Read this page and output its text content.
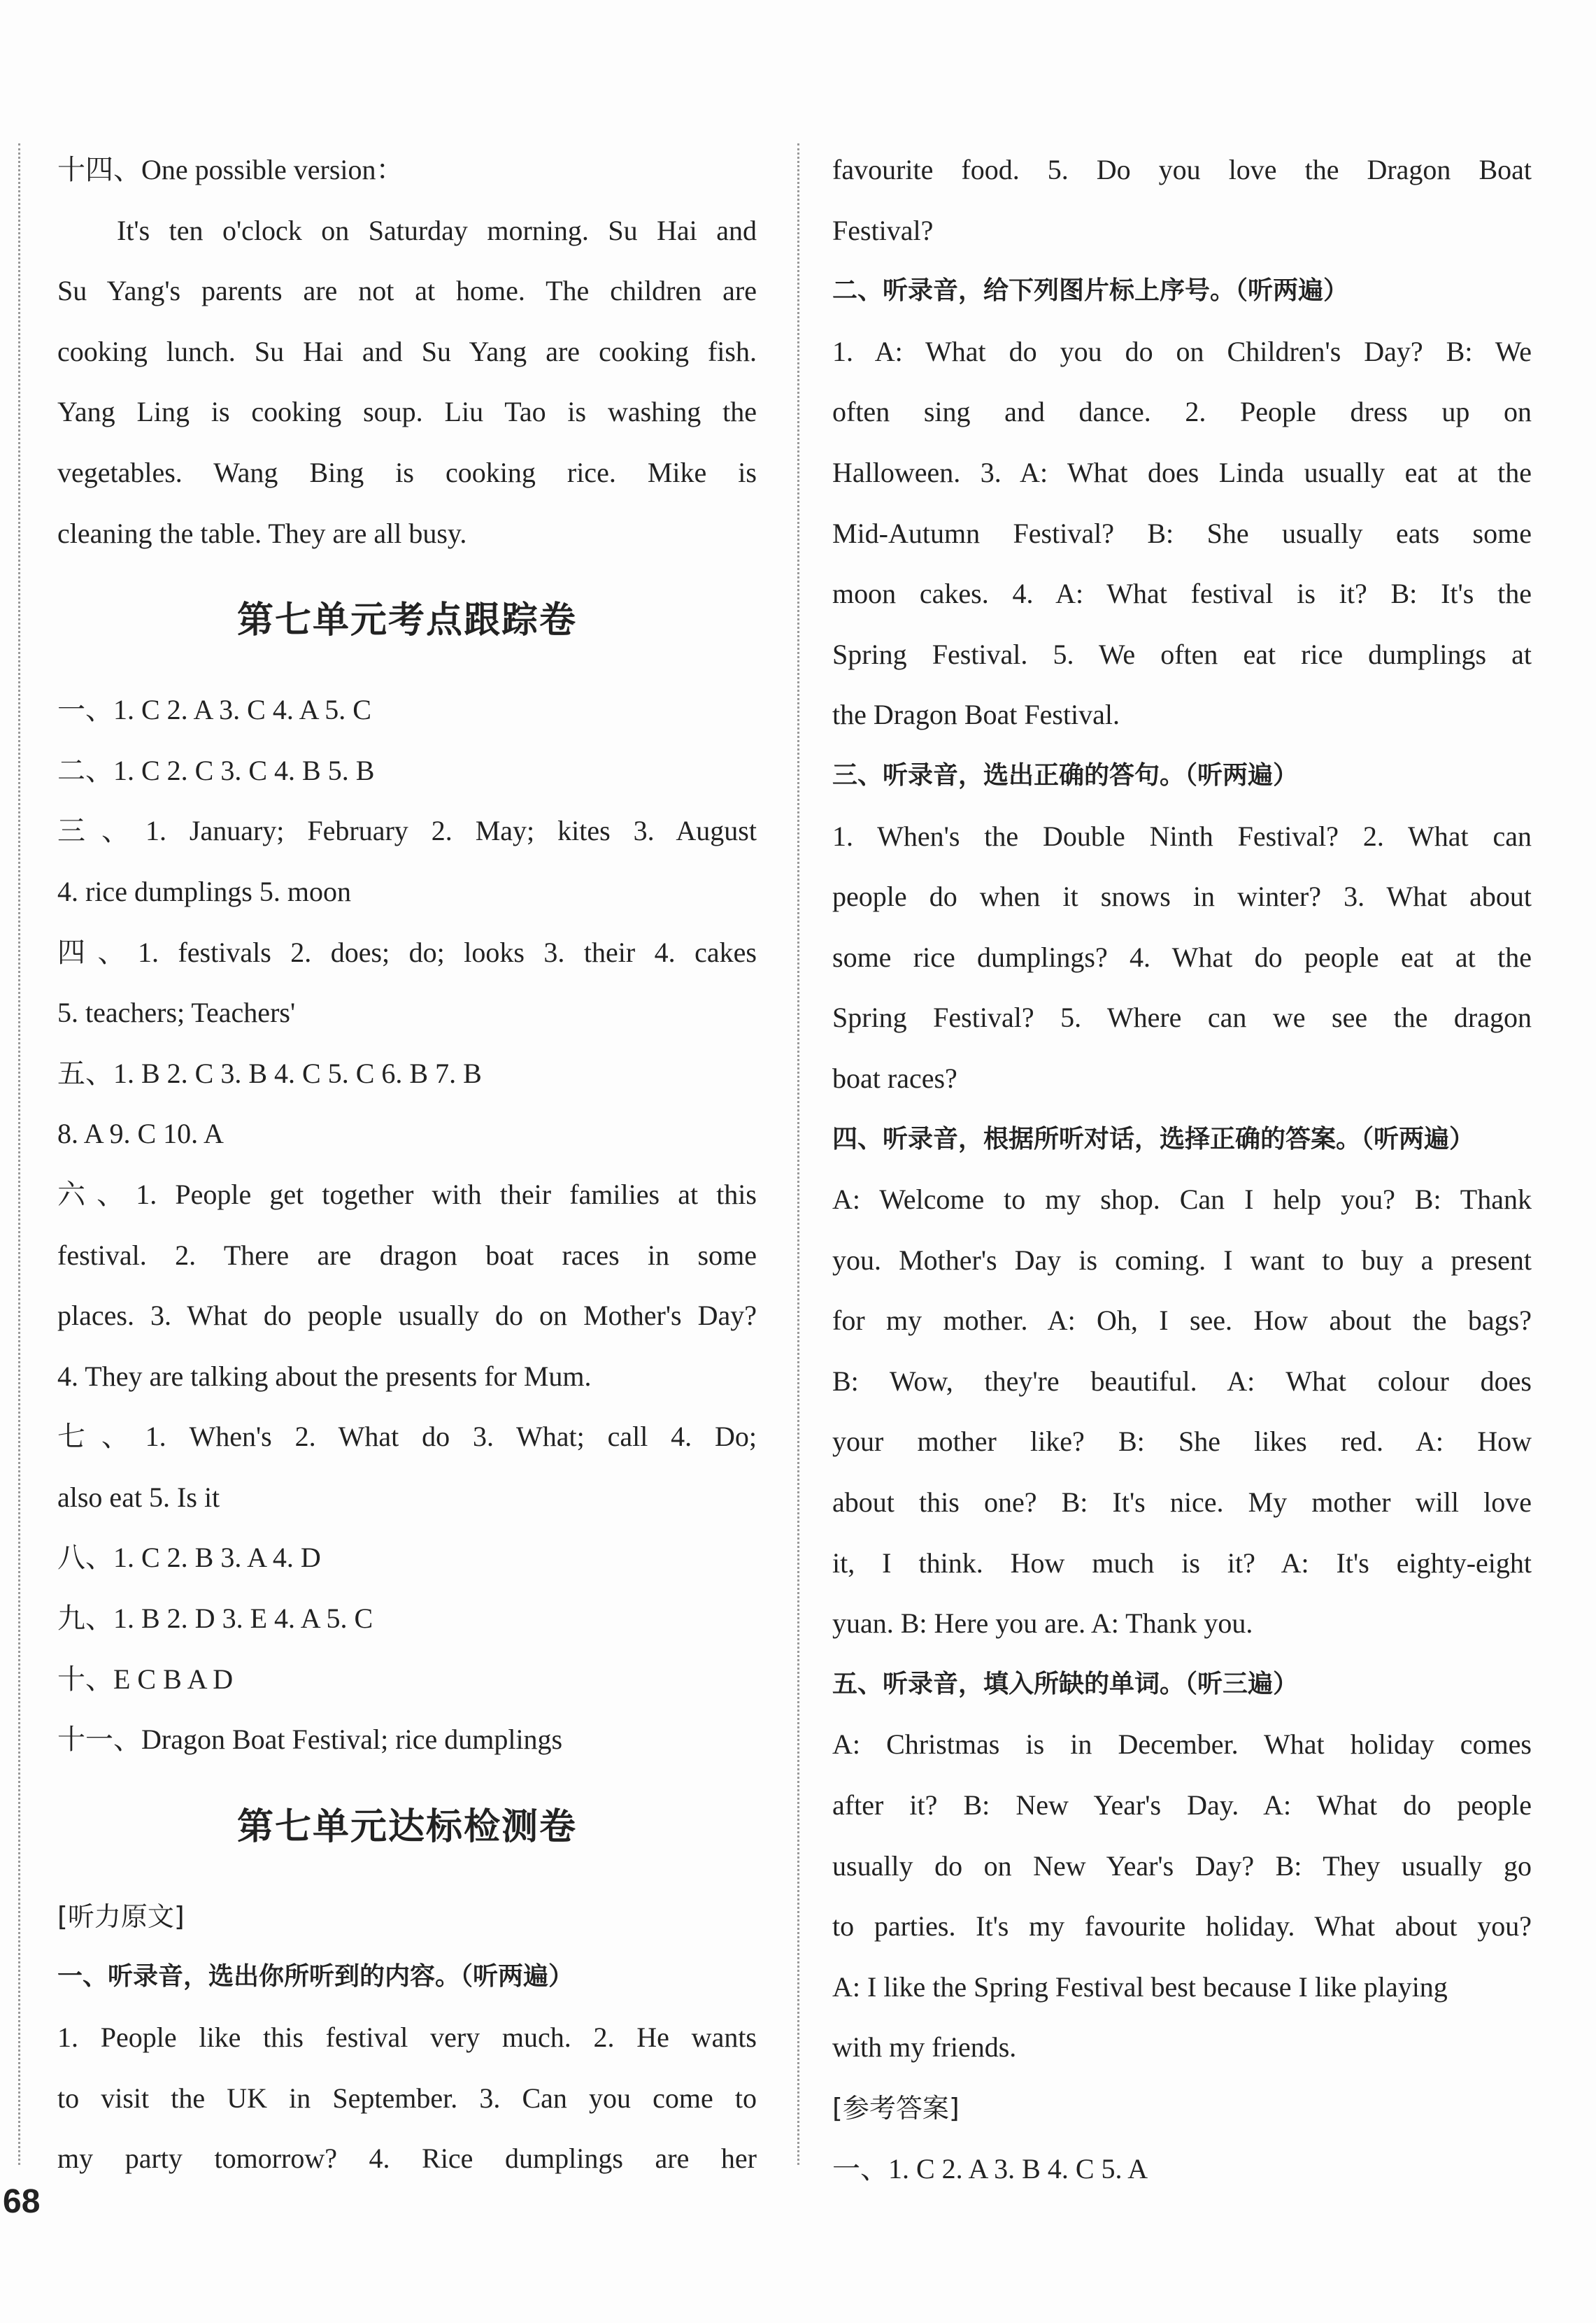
十四、One possible version：

It's ten o'clock on Saturday morning. Su Hai and

Su Yang's parents are not at home. The children are

cooking lunch. Su Hai and Su Yang are cooking fish.

Yang Ling is cooking soup. Liu Tao is washing the

vegetables. Wang Bing is cooking rice. Mike is

cleaning the table. They are all busy.

第七单元考点跟踪卷

一、1. C 2. A 3. C 4. A 5. C

二、1. C 2. C 3. C 4. B 5. B

三、1. January; February 2. May; kites 3. August

4. rice dumplings 5. moon

四、1. festivals 2. does; do; looks 3. their 4. cakes

5. teachers; Teachers'

五、1. B 2. C 3. B 4. C 5. C 6. B 7. B

8. A 9. C 10. A

六、1. People get together with their families at this

festival. 2. There are dragon boat races in some

places. 3. What do people usually do on Mother's Day?

4. They are talking about the presents for Mum.

七、1. When's 2. What do 3. What; call 4. Do;

also eat 5. Is it

八、1. C 2. B 3. A 4. D

九、1. B 2. D 3. E 4. A 5. C

十、E C B A D

十一、Dragon Boat Festival; rice dumplings

第七单元达标检测卷

[听力原文]

一、听录音，选出你所听到的内容。（听两遍）

1. People like this festival very much. 2. He wants

to visit the UK in September. 3. Can you come to

my party tomorrow? 4. Rice dumplings are her

favourite food. 5. Do you love the Dragon Boat

Festival?

二、听录音，给下列图片标上序号。（听两遍）

1. A: What do you do on Children's Day? B: We

often sing and dance. 2. People dress up on

Halloween. 3. A: What does Linda usually eat at the

Mid-Autumn Festival? B: She usually eats some

moon cakes. 4. A: What festival is it? B: It's the

Spring Festival. 5. We often eat rice dumplings at

the Dragon Boat Festival.

三、听录音，选出正确的答句。（听两遍）

1. When's the Double Ninth Festival? 2. What can

people do when it snows in winter? 3. What about

some rice dumplings? 4. What do people eat at the

Spring Festival? 5. Where can we see the dragon

boat races?

四、听录音，根据所听对话，选择正确的答案。（听两遍）

A: Welcome to my shop. Can I help you? B: Thank

you. Mother's Day is coming. I want to buy a present

for my mother. A: Oh, I see. How about the bags?

B: Wow, they're beautiful. A: What colour does

your mother like? B: She likes red. A: How

about this one? B: It's nice. My mother will love

it, I think. How much is it? A: It's eighty-eight

yuan. B: Here you are. A: Thank you.

五、听录音，填入所缺的单词。（听三遍）

A: Christmas is in December. What holiday comes

after it? B: New Year's Day. A: What do people

usually do on New Year's Day? B: They usually go

to parties. It's my favourite holiday. What about you?

A: I like the Spring Festival best because I like playing

with my friends.

[参考答案]

一、1. C 2. A 3. B 4. C 5. A

68
